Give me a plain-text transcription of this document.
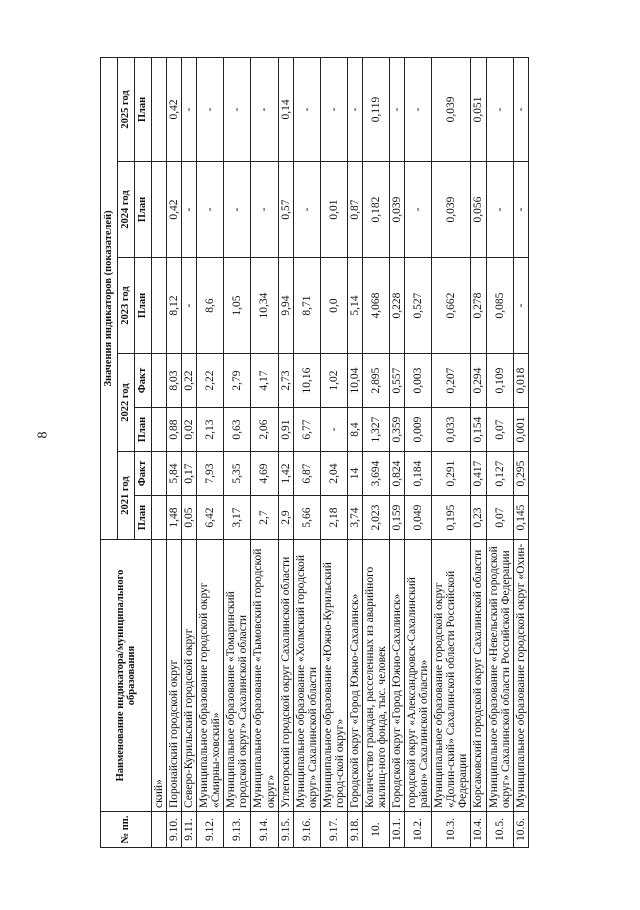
8
№ пп.	Наименование индикатора/муниципального образования	Значения индикаторов (показателей)						
		2021 год		2022 год		2023 год	2024 год	2025 год
		План	Факт	План	Факт	План	План	План
	ский»							
9.10.	Поронайский городской округ	1,48	5,84	0,88	8,03	8,12	0,42	0,42
9.11.	Северо-Курильский городской округ	0,05	0,17	0,02	0,22	-	-	-
9.12.	Муниципальное образование городской округ «Смирны-ховский»	6,42	7,93	2,13	2,22	8,6	-	-
9.13.	Муниципальное образование «Томаринский городской округ» Сахалинской области	3,17	5,35	0,63	2,79	1,05	-	-
9.14.	Муниципальное образование «Тымовский городской округ»	2,7	4,69	2,06	4,17	10,34	-	-
9.15.	Углегорский городской округ Сахалинской области	2,9	1,42	0,91	2,73	9,94	0,57	0,14
9.16.	Муниципальное образование «Холмский городской округ» Сахалинской области	5,66	6,87	6,77	10,16	8,71	-	-
9.17.	Муниципальное образование «Южно-Курильский город-ской округ»	2,18	2,04	-	1,02	0,0	0,01	-
9.18.	Городской округ «Город Южно-Сахалинск»	3,74	14	8,4	10,04	5,14	0,87	-
10.	Количество граждан, расселенных из аварийного жилищ-ного фонда, тыс. человек	2,023	3,694	1,327	2,895	4,068	0,182	0,119
10.1.	Городской округ «Город Южно-Сахалинск»	0,159	0,824	0,359	0,557	0,228	0,039	-
10.2.	городской округ «Александровск-Сахалинский район» Сахалинской области»	0,049	0,184	0,009	0,003	0,527	-	-
10.3.	Муниципальное образование городской округ «Долин-ский» Сахалинской области Российской Федерации	0,195	0,291	0,033	0,207	0,662	0,039	0,039
10.4.	Корсаковский городской округ Сахалинской области	0,23	0,417	0,154	0,294	0,278	0,056	0,051
10.5.	Муниципальное образование «Невельский городской округ» Сахалинской области Российской Федерации	0,07	0,127	0,07	0,109	0,085	-	-
10.6.	Муниципальное образование городской округ «Охин-	0,145	0,295	0,001	0,018	-	-	-
